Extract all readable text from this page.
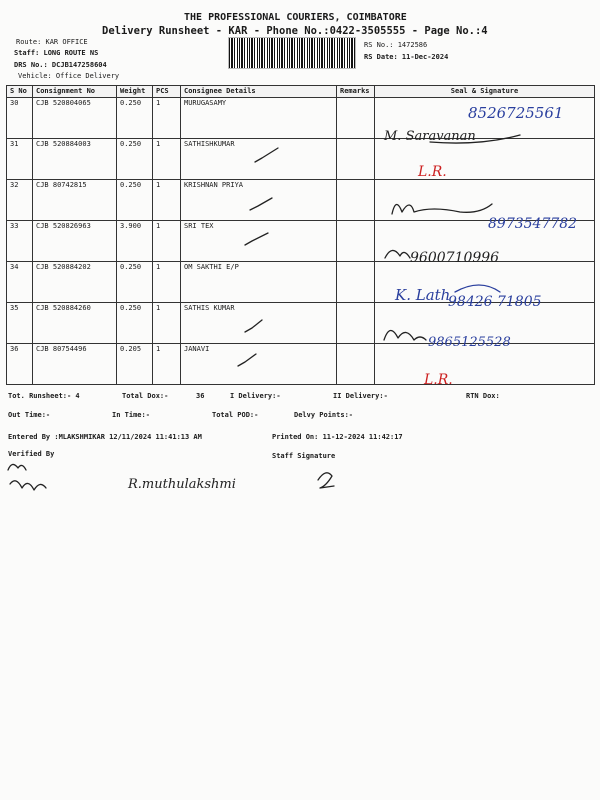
THE PROFESSIONAL COURIERS, COIMBATORE
Delivery Runsheet - KAR - Phone No.:0422-3505555 - Page No.:4
Route: KAR OFFICE
Staff: LONG ROUTE NS
DRS No.: DCJB147258604
Vehicle: Office Delivery
RS No.: 1472586
RS Date: 11-Dec-2024
S No	Consignment No	Weight	PCS	Consignee Details	Remarks	Seal & Signature
30	CJB 520804065	0.250	1	MURUGASAMY		
31	CJB 520884003	0.250	1	SATHISHKUMAR		
32	CJB 80742815	0.250	1	KRISHNAN PRIYA		
33	CJB 520826963	3.900	1	SRI TEX		
34	CJB 520884202	0.250	1	OM SAKTHI E/P		
35	CJB 520884260	0.250	1	SATHIS KUMAR		
36	CJB 80754496	0.205	1	JANAVI		
8526725561
M. Saravanan
L.R.
8973547782
9600710996
K. Lath
98426 71805
9865125528
L.R.
R.muthulakshmi
Tot. Runsheet:- 4	Total Dox:-	36	I Delivery:-	II Delivery:-	RTN Dox:
Out Time:-	In Time:-	Total POD:-	Delvy Points:-
Entered By :MLAKSHMIKAR 12/11/2024 11:41:13 AM	Printed On: 11-12-2024 11:42:17
Verified By	Staff Signature
